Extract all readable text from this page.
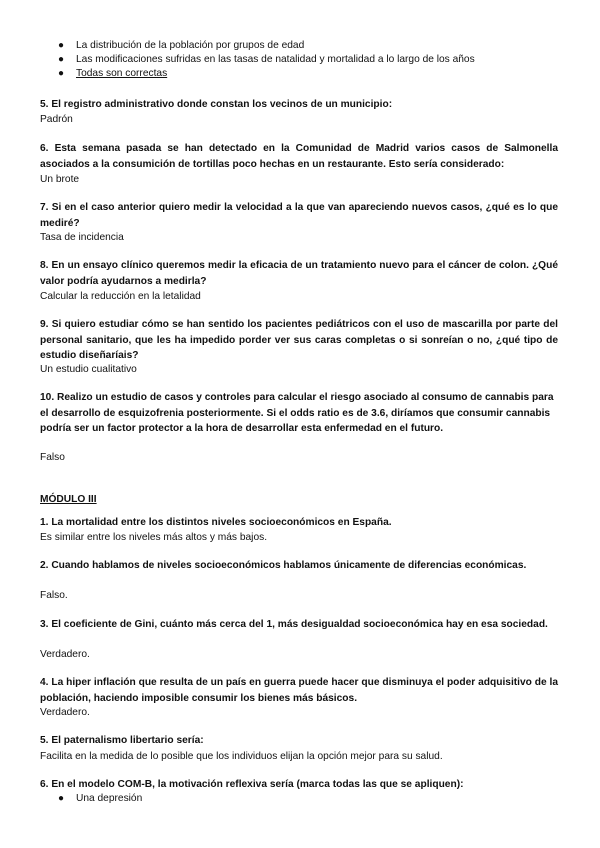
● La distribución de la población por grupos de edad
● Las modificaciones sufridas en las tasas de natalidad y mortalidad a lo largo de los años
● Todas son correctas

5. El registro administrativo donde constan los vecinos de un municipio:

Padrón

6. Esta semana pasada se han detectado en la Comunidad de Madrid varios casos de Salmonella asociados a la consumición de tortillas poco hechas en un restaurante. Esto sería considerado:

Un brote

7. Si en el caso anterior quiero medir la velocidad a la que van apareciendo nuevos casos, ¿qué es lo que mediré?

Tasa de incidencia

8. En un ensayo clínico queremos medir la eficacia de un tratamiento nuevo para el cáncer de colon. ¿Qué valor podría ayudarnos a medirla?

Calcular la reducción en la letalidad

9. Si quiero estudiar cómo se han sentido los pacientes pediátricos con el uso de mascarilla por parte del personal sanitario, que les ha impedido porder ver sus caras completas o si sonreían o no, ¿qué tipo de estudio diseñaríais?

Un estudio cualitativo

10. Realizo un estudio de casos y controles para calcular el riesgo asociado al consumo de cannabis para el desarrollo de esquizofrenia posteriormente. Si el odds ratio es de 3.6, diríamos que consumir cannabis podría ser un factor protector a la hora de desarrollar esta enfermedad en el futuro.

Falso

MÓDULO III

1. La mortalidad entre los distintos niveles socioeconómicos en España.

Es similar entre los niveles más altos y más bajos.

2. Cuando hablamos de niveles socioeconómicos hablamos únicamente de diferencias económicas.

Falso.

3. El coeficiente de Gini, cuánto más cerca del 1, más desigualdad socioeconómica hay en esa sociedad.

Verdadero.

4. La hiper inflación que resulta de un país en guerra puede hacer que disminuya el poder adquisitivo de la población, haciendo imposible consumir los bienes más básicos.

Verdadero.

5. El paternalismo libertario sería:

Facilita en la medida de lo posible que los individuos elijan la opción mejor para su salud.

6. En el modelo COM-B, la motivación reflexiva sería (marca todas las que se apliquen):

● Una depresión
